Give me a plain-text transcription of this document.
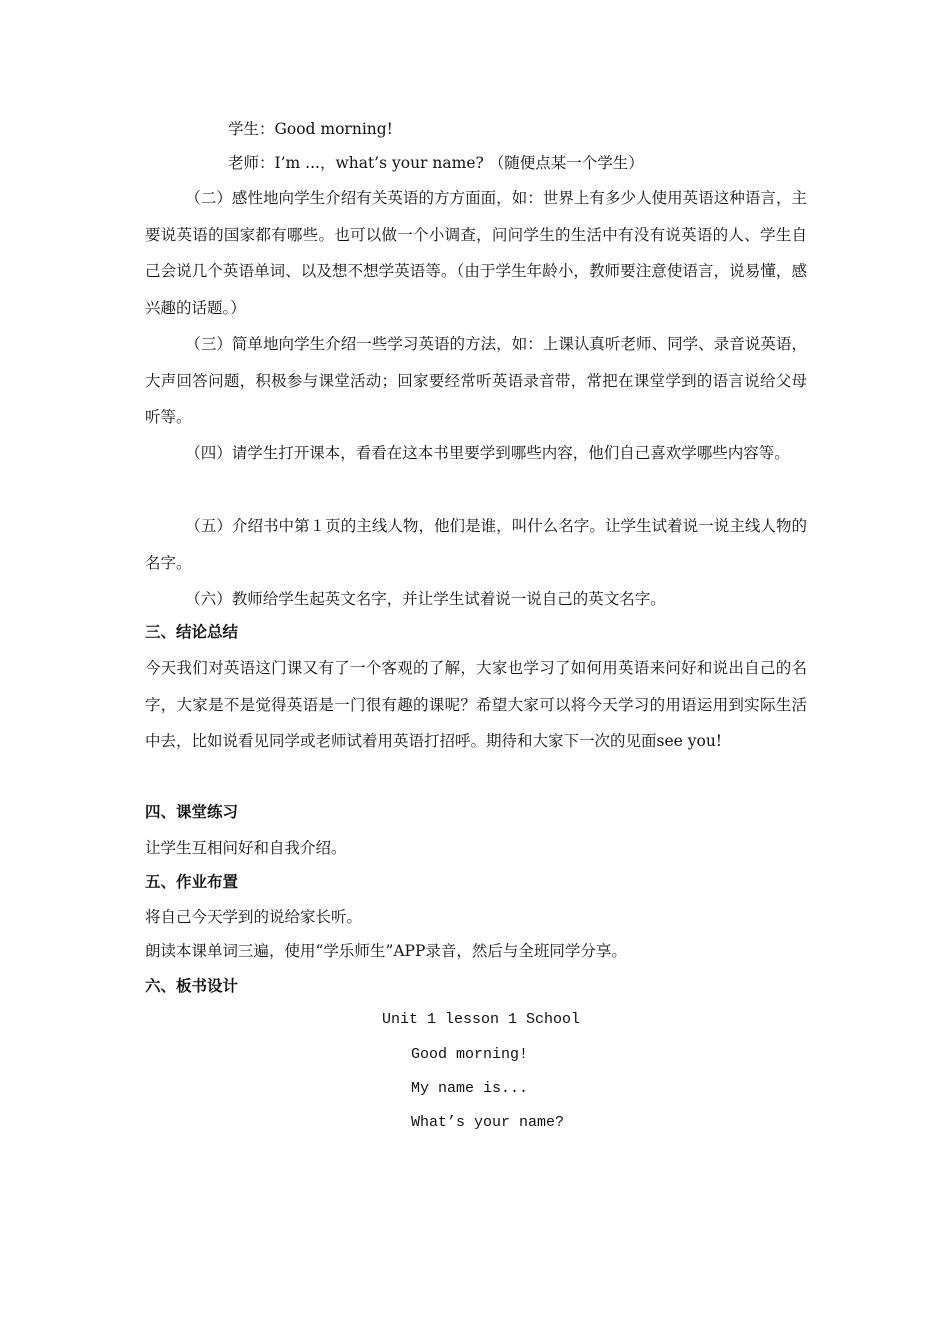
学生：Good morning!
老师：I’m ...，what’s your name? （随便点某一个学生）

（二）感性地向学生介绍有关英语的方方面面，如：世界上有多少人使用英语这种语言，主要说英语的国家都有哪些。也可以做一个小调查，问问学生的生活中有没有说英语的人、学生自己会说几个英语单词、以及想不想学英语等。（由于学生年龄小，教师要注意使语言，说易懂，感兴趣的话题。）

（三）简单地向学生介绍一些学习英语的方法，如：上课认真听老师、同学、录音说英语，大声回答问题，积极参与课堂活动；回家要经常听英语录音带，常把在课堂学到的语言说给父母听等。

（四）请学生打开课本，看看在这本书里要学到哪些内容，他们自己喜欢学哪些内容等。

（五）介绍书中第１页的主线人物，他们是谁，叫什么名字。让学生试着说一说主线人物的名字。

（六）教师给学生起英文名字，并让学生试着说一说自己的英文名字。

三、结论总结

今天我们对英语这门课又有了一个客观的了解，大家也学习了如何用英语来问好和说出自己的名字，大家是不是觉得英语是一门很有趣的课呢？希望大家可以将今天学习的用语运用到实际生活中去，比如说看见同学或老师试着用英语打招呼。期待和大家下一次的见面see you!

四、课堂练习
让学生互相问好和自我介绍。
五、作业布置
将自己今天学到的说给家长听。
朗读本课单词三遍，使用“学乐师生”APP录音，然后与全班同学分享。
六、板书设计
Unit 1 lesson 1 School
Good morning!
My name is...
What’s your name?
